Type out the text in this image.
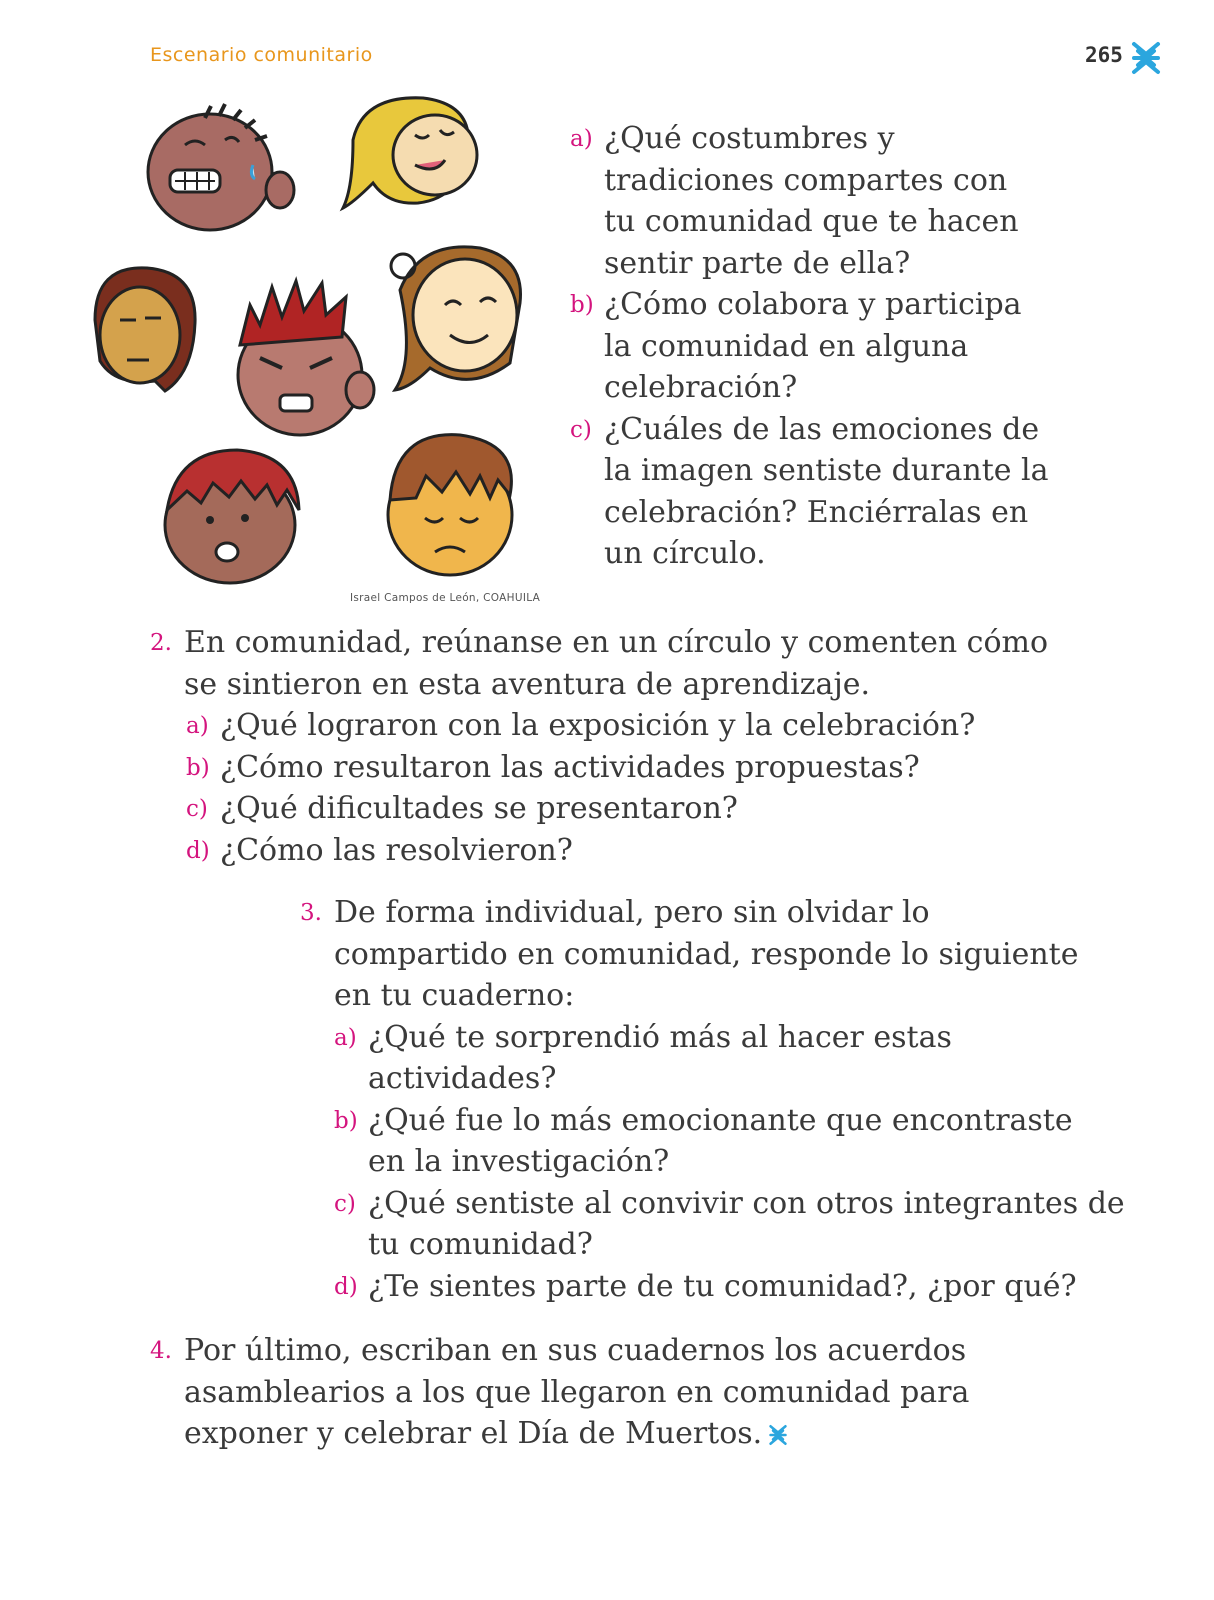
Escenario comunitario	265
Israel Campos de León, COAHUILA
a) ¿Qué costumbres y
tradiciones compartes con
tu comunidad que te hacen
sentir parte de ella?
b) ¿Cómo colabora y participa
la comunidad en alguna
celebración?
c) ¿Cuáles de las emociones de
la imagen sentiste durante la
celebración? Enciérralas en
un círculo.
2. En comunidad, reúnanse en un círculo y comenten cómo
se sintieron en esta aventura de aprendizaje.
a) ¿Qué lograron con la exposición y la celebración?
b) ¿Cómo resultaron las actividades propuestas?
c) ¿Qué dificultades se presentaron?
d) ¿Cómo las resolvieron?
3. De forma individual, pero sin olvidar lo
compartido en comunidad, responde lo siguiente
en tu cuaderno:
a) ¿Qué te sorprendió más al hacer estas
actividades?
b) ¿Qué fue lo más emocionante que encontraste
en la investigación?
c) ¿Qué sentiste al convivir con otros integrantes de
tu comunidad?
d) ¿Te sientes parte de tu comunidad?, ¿por qué?
4. Por último, escriban en sus cuadernos los acuerdos
asamblearios a los que llegaron en comunidad para
exponer y celebrar el Día de Muertos.
